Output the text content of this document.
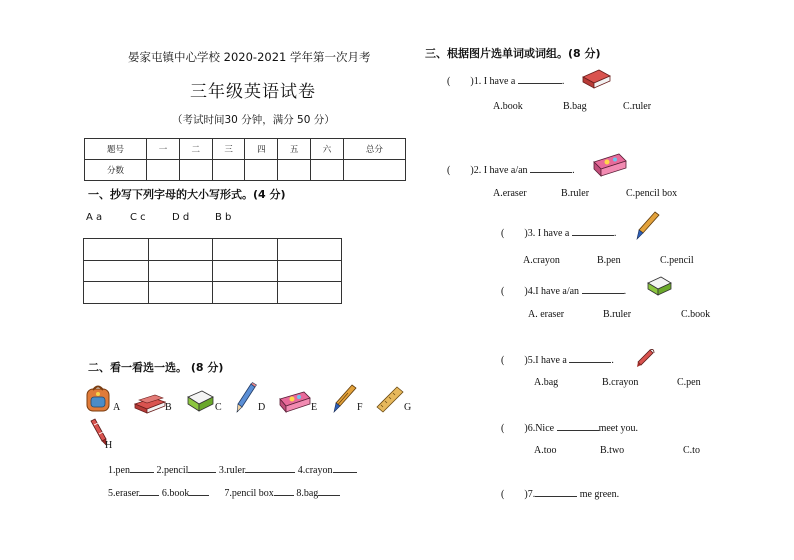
晏家屯镇中心学校 2020-2021 学年第一次月考
三年级英语试卷
（考试时间30 分钟，满分 50 分）
题号	一	二	三	四	五	六	总分
分数							
一、抄写下列字母的大小写形式。(4 分)
A a	C c	D d	B b

二、看一看选一选。 (8 分)
A	B	C	D	E	F	G
H
1.pen	2.pencil	3.ruler	4.crayon
5.eraser 6.book	7.pencil box 8.bag
三、根据图片选单词或词组。(8 分)
( )1. I have a	.
A.book	B.bag	C.ruler
( )2. I have a/an	.
A.eraser	B.ruler	C.pencil box
( )3. I have a	.
A.crayon	B.pen	C.pencil
( )4.I have a/an	.
A. eraser	B.ruler	C.book
( )5.I have a	.
A.bag	B.crayon	C.pen
( )6.Nice	meet you.
A.too	B.two	C.to
( )7.	me green.
